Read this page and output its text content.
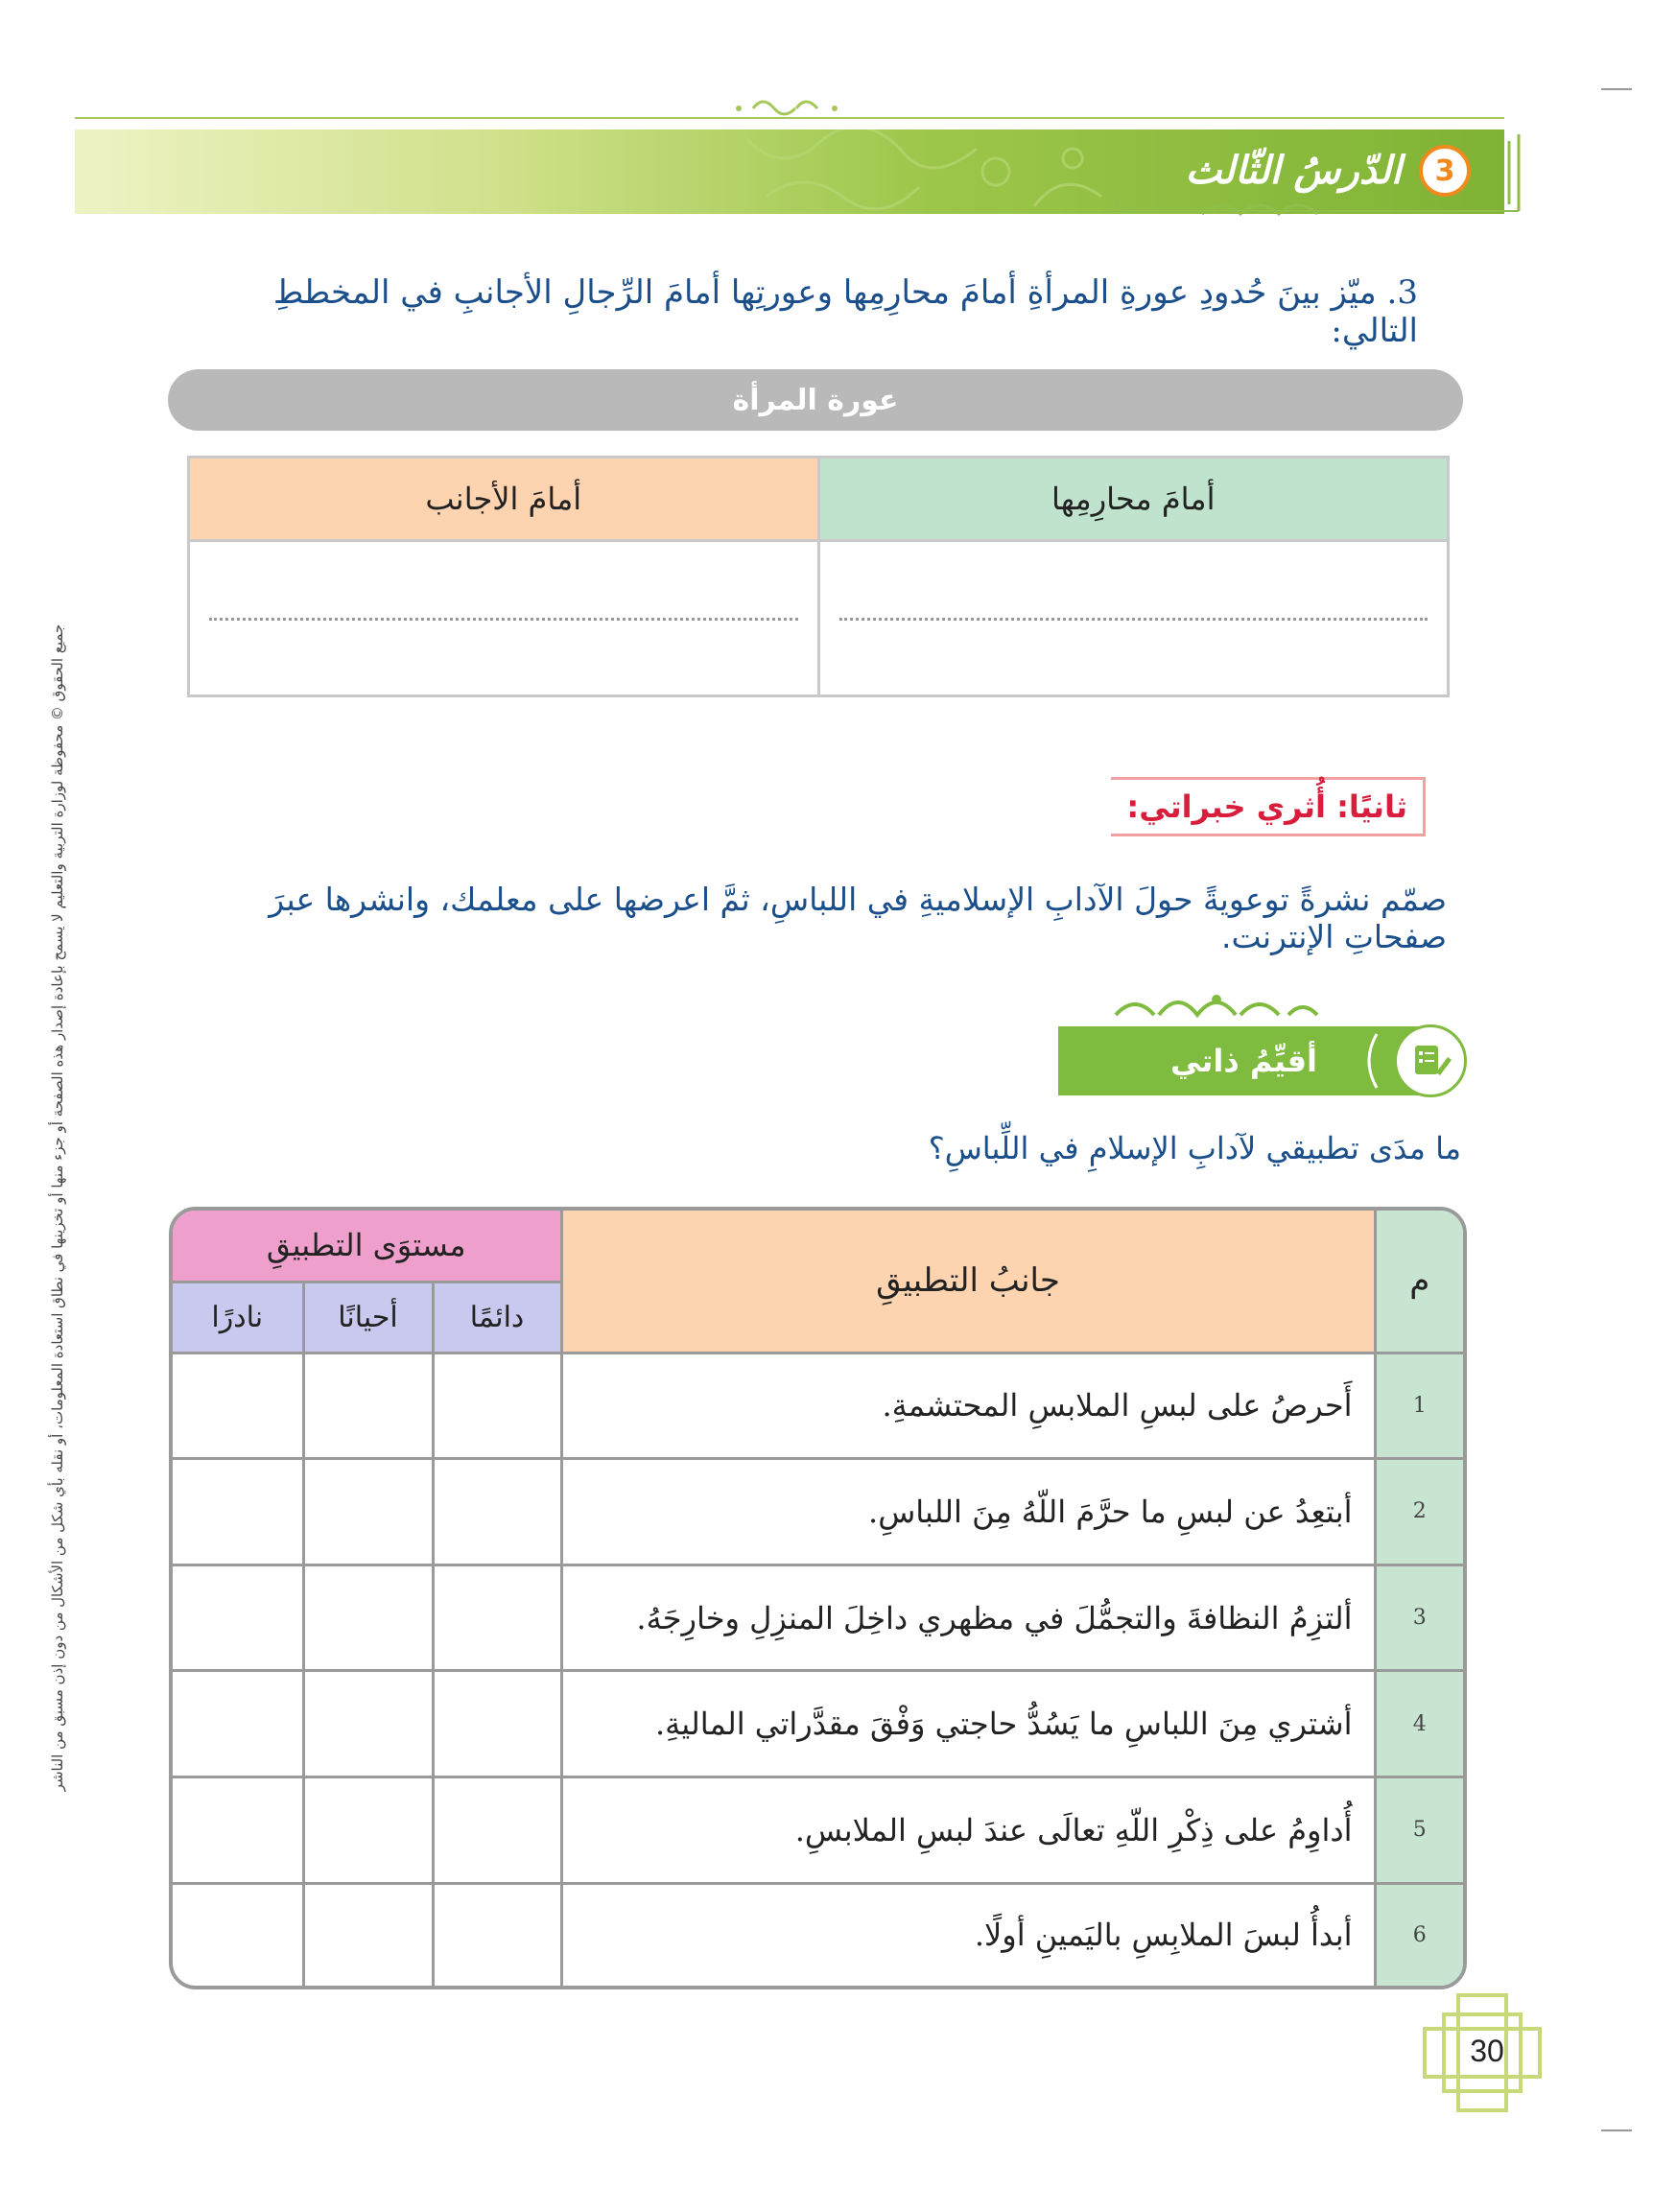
3
الدّرسُ الثّالث
3. ميّز بينَ حُدودِ عورةِ المرأةِ أمامَ محارِمِها وعورتِها أمامَ الرِّجالِ الأجانبِ في المخططِ التالي:
عورة المرأة
أمامَ محارِمِها	أمامَ الأجانب

ثانيًا: أُثري خبراتي:
صمّم نشرةً توعويةً حولَ الآدابِ الإسلاميةِ في اللباسِ، ثمَّ اعرضها على معلمك، وانشرها عبرَ صفحاتِ الإنترنت.
أقيِّمُ ذاتي
ما مدَى تطبيقي لآدابِ الإسلامِ في اللِّباسِ؟
م	جانبُ التطبيقِ	مستوَى التطبيقِ		
		دائمًا	أحيانًا	نادرًا
1	أَحرصُ على لبسِ الملابسِ المحتشمةِ.			
2	أبتعِدُ عن لبسِ ما حرَّمَ اللّهُ مِنَ اللباسِ.			
3	ألتزِمُ النظافةَ والتجمُّلَ في مظهري داخِلَ المنزِلِ وخارِجَهُ.			
4	أشتري مِنَ اللباسِ ما يَسُدُّ حاجتي وَفْقَ مقدَّراتي الماليةِ.			
5	أُداوِمُ على ذِكْرِ اللّهِ تعالَى عندَ لبسِ الملابسِ.			
6	أبدأُ لبسَ الملابِسِ باليَمينِ أولًا.			
30
جميع الحقوق © محفوظة لوزارة التربية والتعليم لا يسمح بإعادة إصدار هذه الصفحة أو جزء منها أو تخزينها في نطاق استعادة المعلومات، أو نقله بأي شكل من الأشكال من دون إذن مسبق من الناشر
